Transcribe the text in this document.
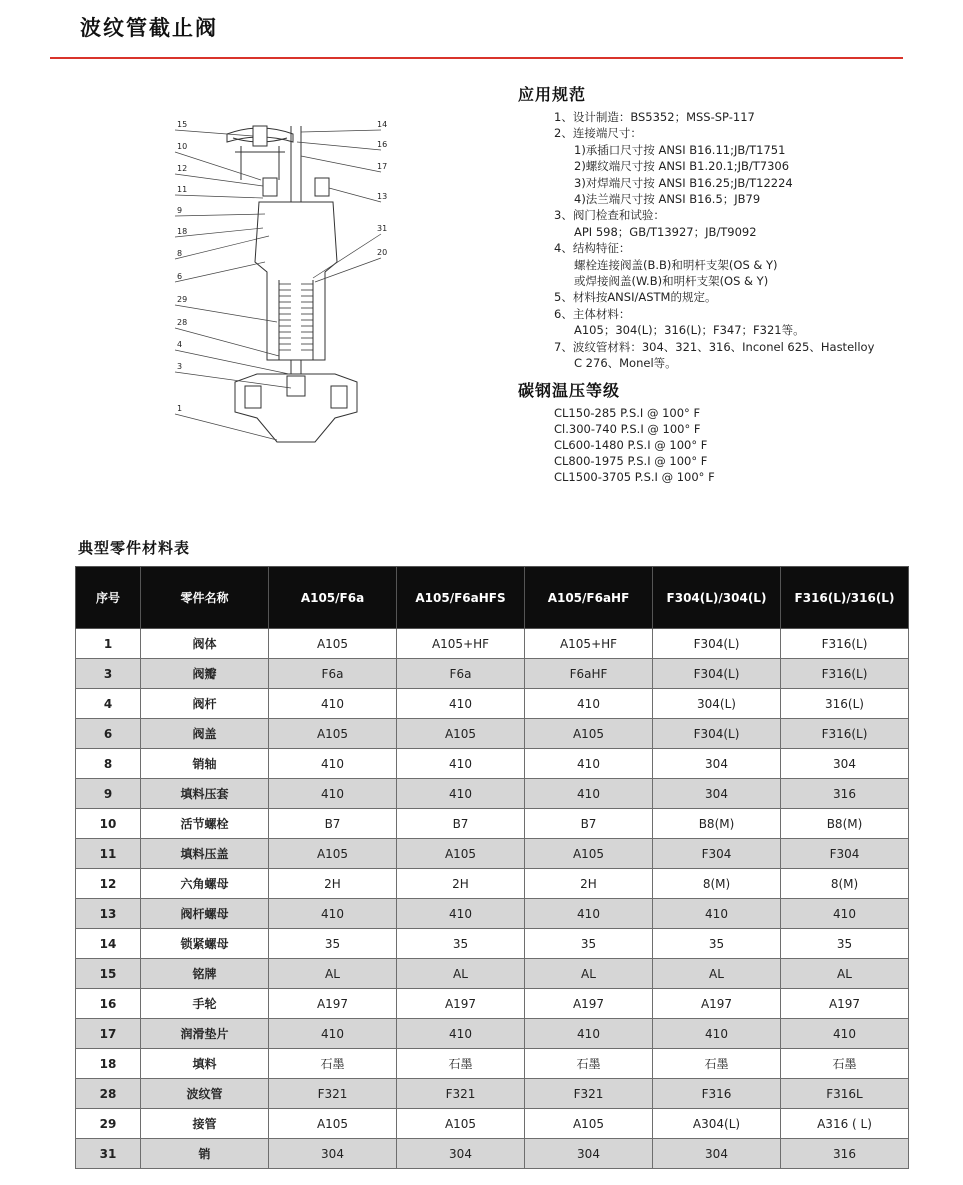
波纹管截止阀
15
10
12
11
9
18
8
6
29
28
4
3
1
14
16
17
13
31
20
应用规范
1、设计制造：BS5352；MSS-SP-117
2、连接端尺寸：
1)承插口尺寸按 ANSI B16.11;JB/T1751
2)螺纹端尺寸按 ANSI B1.20.1;JB/T7306
3)对焊端尺寸按 ANSI B16.25;JB/T12224
4)法兰端尺寸按 ANSI B16.5；JB79
3、阀门检查和试验：
API 598；GB/T13927；JB/T9092
4、结构特征：
螺栓连接阀盖(B.B)和明杆支架(OS & Y)
或焊接阀盖(W.B)和明杆支架(OS & Y)
5、材料按ANSI/ASTM的规定。
6、主体材料：
A105；304(L)；316(L)；F347；F321等。
7、波纹管材料：304、321、316、Inconel 625、Hastelloy
C 276、Monel等。
碳钢温压等级
CL150-285 P.S.I @ 100° F
Cl.300-740 P.S.I @ 100° F
CL600-1480 P.S.I @ 100° F
CL800-1975 P.S.I @ 100° F
CL1500-3705 P.S.I @ 100° F
典型零件材料表
序号	零件名称	A105/F6a	A105/F6aHFS	A105/F6aHF	F304(L)/304(L)	F316(L)/316(L)
1	阀体	A105	A105+HF	A105+HF	F304(L)	F316(L)
3	阀瓣	F6a	F6a	F6aHF	F304(L)	F316(L)
4	阀杆	410	410	410	304(L)	316(L)
6	阀盖	A105	A105	A105	F304(L)	F316(L)
8	销轴	410	410	410	304	304
9	填料压套	410	410	410	304	316
10	活节螺栓	B7	B7	B7	B8(M)	B8(M)
11	填料压盖	A105	A105	A105	F304	F304
12	六角螺母	2H	2H	2H	8(M)	8(M)
13	阀杆螺母	410	410	410	410	410
14	锁紧螺母	35	35	35	35	35
15	铭牌	AL	AL	AL	AL	AL
16	手轮	A197	A197	A197	A197	A197
17	润滑垫片	410	410	410	410	410
18	填料	石墨	石墨	石墨	石墨	石墨
28	波纹管	F321	F321	F321	F316	F316L
29	接管	A105	A105	A105	A304(L)	A316 ( L)
31	销	304	304	304	304	316
